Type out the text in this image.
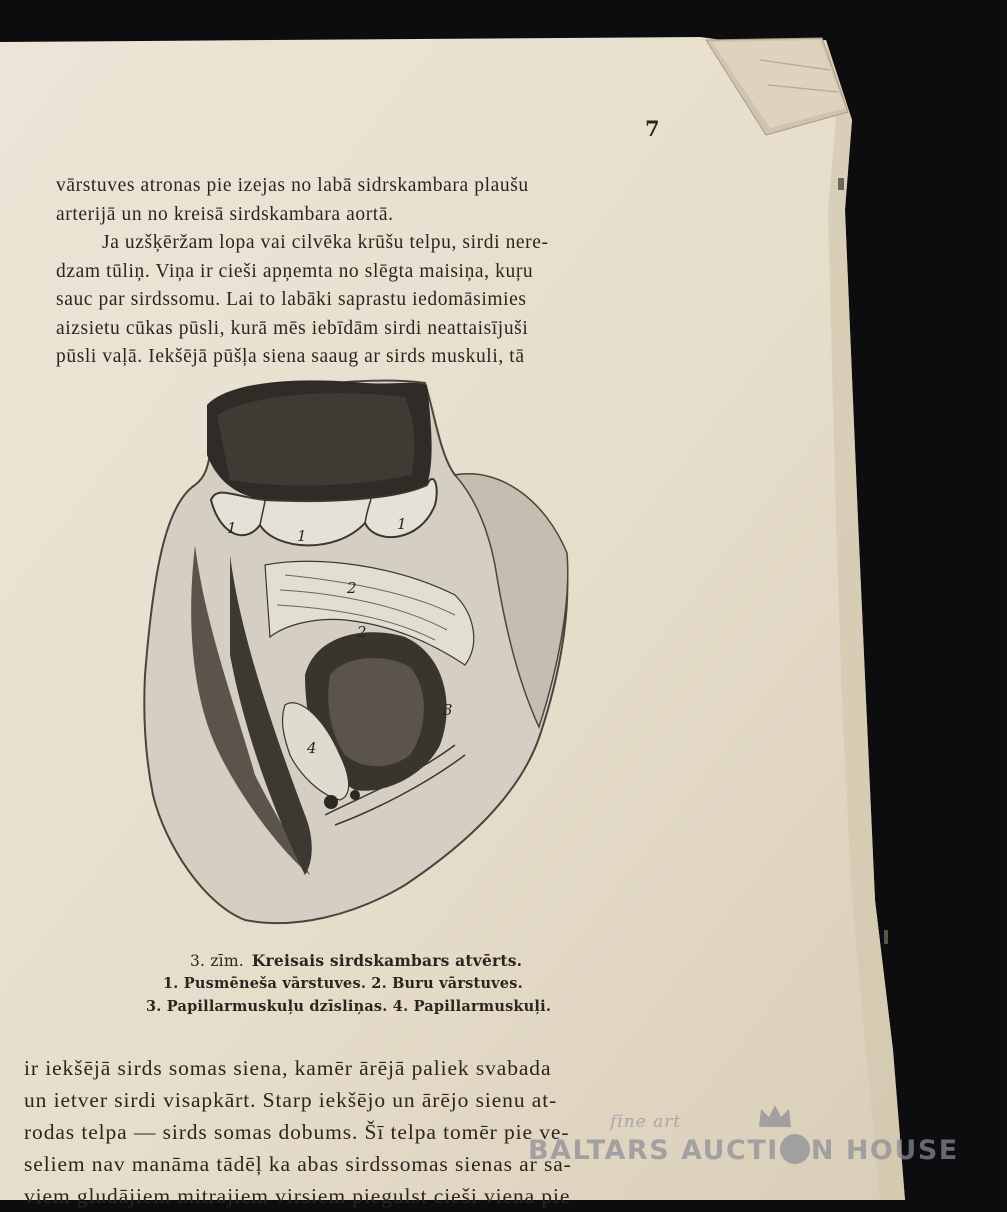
7
vārstuves atronas pie izejas no labā sidrskambara plaušu
arterijā un no kreisā sirdskambara aortā.
Ja uzšķēržam lopa vai cilvēka krūšu telpu, sirdi nere-
dzam tūliņ. Viņa ir cieši apņemta no slēgta maisiņa, kuŗu
sauc par sirdssomu. Lai to labāki saprastu iedomāsimies
aizsietu cūkas pūsli, kurā mēs iebīdām sirdi neattaisījuši
pūsli vaļā. Iekšējā pūšļa siena saaug ar sirds muskuli, tā
1	1
1
2
2
3
4
3. zīm. Kreisais sirdskambars atvērts.
1. Pusmēneša vārstuves. 2. Buru vārstuves.
3. Papillarmuskuļu dzīsliņas. 4. Papillarmuskuļi.
ir iekšējā sirds somas siena, kamēr ārējā paliek svabada
un ietver sirdi visapkārt. Starp iekšējo un ārējo sienu at-
rodas telpa — sirds somas dobums. Šī telpa tomēr pie ve-
seliem nav manāma tādēļ ka abas sirdssomas sienas ar sa-
viem gludājiem mitrajiem virsiem piegulst cieši viena pie
fine art
BALTARS AUCTI N HOUSE
